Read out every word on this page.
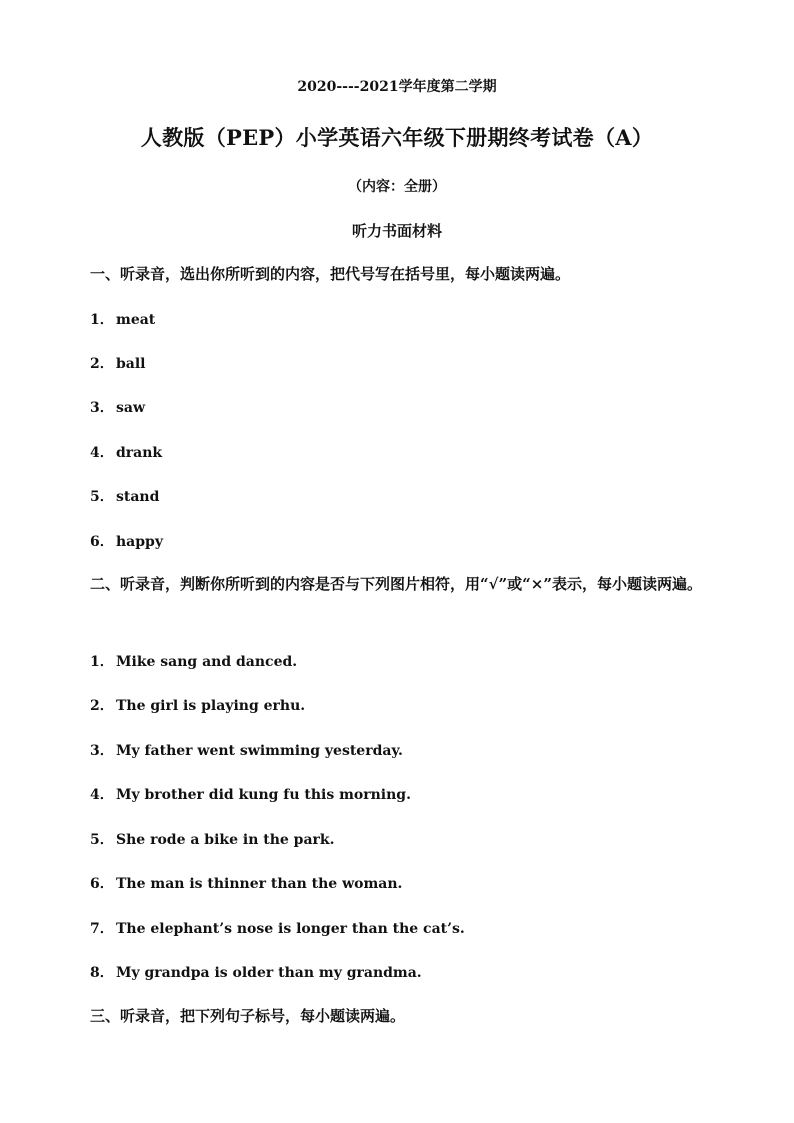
2020----2021学年度第二学期
人教版（PEP）小学英语六年级下册期终考试卷（A）
（内容：全册）
听力书面材料

一、听录音，选出你所听到的内容，把代号写在括号里，每小题读两遍。

1． meat
2． ball
3． saw
4． drank
5． stand
6． happy

二、听录音，判断你所听到的内容是否与下列图片相符，用“√”或“×”表示，每小题读两遍。

1． Mike sang and danced.
2． The girl is playing erhu.
3． My father went swimming yesterday.
4． My brother did kung fu this morning.
5． She rode a bike in the park.
6． The man is thinner than the woman.
7． The elephant’s nose is longer than the cat’s.
8． My grandpa is older than my grandma.

三、听录音，把下列句子标号，每小题读两遍。
